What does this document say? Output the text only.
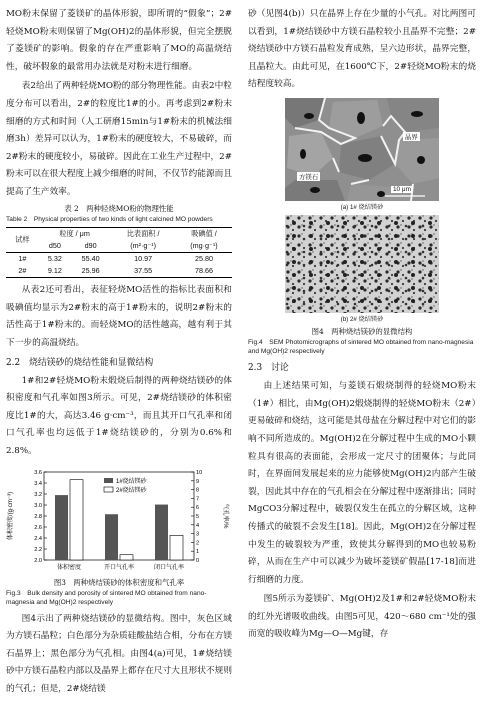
MO粉末保留了菱镁矿的晶体形貌，即所谓的“假象”；2#轻烧MO粉末则保留了Mg(OH)2的晶体形貌，但完全摆脱了菱镁矿的影响。假象的存在严重影响了MO的高温烧结性，破坏假象的最常用办法就是对粉末进行细磨。

表2给出了两种轻烧MO粉的部分物理性能。由表2中粒度分布可以看出，2#的粒度比1#的小。再考虑到2#粉末细磨的方式和时间（人工研磨15min与1#粉末的机械法细磨3h）差异可以认为，1#粉末的硬度较大，不易破碎，而2#粉末的硬度较小，易破碎。因此在工业生产过程中，2#粉末可以在很大程度上减少细磨的时间，不仅节约能源而且提高了生产效率。

表 2　两种轻烧MO粉的物理性能
Table 2　Physical properties of two kinds of light calcined MO powders
试样	粒度 / μm		比表面积 /	吸碘值 /
	d50	d90	(m²·g⁻¹)	(mg·g⁻¹)
1#	5.32	55.40	10.97	25.80
2#	9.12	25.96	37.55	78.66

从表2还可看出，表征轻烧MO活性的指标比表面积和吸碘值均显示为2#粉末的高于1#粉末的，说明2#粉末的活性高于1#粉末的。而轻烧MO的活性越高，越有利于其下一步的高温烧结。

2.2　烧结镁砂的烧结性能和显微结构

1#和2#轻烧MO粉末煅烧后制得的两种烧结镁砂的体积密度和气孔率如图3所示。可见，2#烧结镁砂的体积密度比1#的大，高达3.46 g·cm⁻³，而且其开口气孔率和闭口气孔率也均远低于1#烧结镁砂的，分别为0.6%和2.8%。

3.6
3.4
3.2
3.0
2.8
2.6
2.4
2.2
2.0
10
9
8
7
6
5
4
3
2
1
0
体积密度	开口气孔率	闭口气孔率
1#烧结镁砂
2#烧结镁砂
体积密度/(g·cm⁻³)	气孔率/%
图3　两种烧结镁砂的体积密度和气孔率
Fig.3　Bulk density and porosity of sintered MO obtained from nano-magnesia and Mg(OH)2 respectively

图4示出了两种烧结镁砂的显微结构。图中，灰色区域为方镁石晶粒；白色部分为杂质硅酸盐结合相，分布在方镁石晶界上；黑色部分为气孔相。由图4(a)可见，1#烧结镁砂中方镁石晶粒内部以及晶界上都存在尺寸大且形状不规则的气孔；但是，2#烧结镁

砂（见图4(b)）只在晶界上存在少量的小气孔。对比两图可以看到，1#烧结镁砂中方镁石晶粒较小且晶界不完整；2#烧结镁砂中方镁石晶粒发育成熟，呈六边形状，晶界完整，且晶粒大。由此可见，在1600℃下，2#轻烧MO粉末的烧结程度较高。

方镁石
晶界
10 μm
(a) 1# 烧结镁砂
(b) 2# 烧结镁砂
图4　两种烧结镁砂的显微结构
Fig.4　SEM Photomicrographs of sintered MO obtained from nano-magnesia and Mg(OH)2 respectively
2.3　讨论

由上述结果可知，与菱镁石煅烧制得的轻烧MO粉末（1#）相比，由Mg(OH)2煅烧制得的轻烧MO粉末（2#）更易破碎和烧结，这可能是其母盐在分解过程中对它们的影响不同所造成的。Mg(OH)2在分解过程中生成的MO小颗粒具有很高的表面能，会形成一定尺寸的团聚体；与此同时，在界面间发展起来的应力能够使Mg(OH)2内部产生破裂，因此其中存在的气孔相会在分解过程中逐渐排出；同时MgCO3分解过程中，破裂仅发生在孤立的分解区域，这种传播式的破裂不会发生[18]。因此，Mg(OH)2在分解过程中发生的破裂较为严重，致使其分解得到的MO也较易粉碎，从而在生产中可以减少为破坏菱镁矿假晶[17-18]而进行细磨的力度。

图5所示为菱镁矿、Mg(OH)2及1#和2#轻烧MO粉末的红外光谱吸收曲线。由图5可见，420～680 cm⁻¹处的强而宽的吸收峰为Mg—O—Mg键，存
